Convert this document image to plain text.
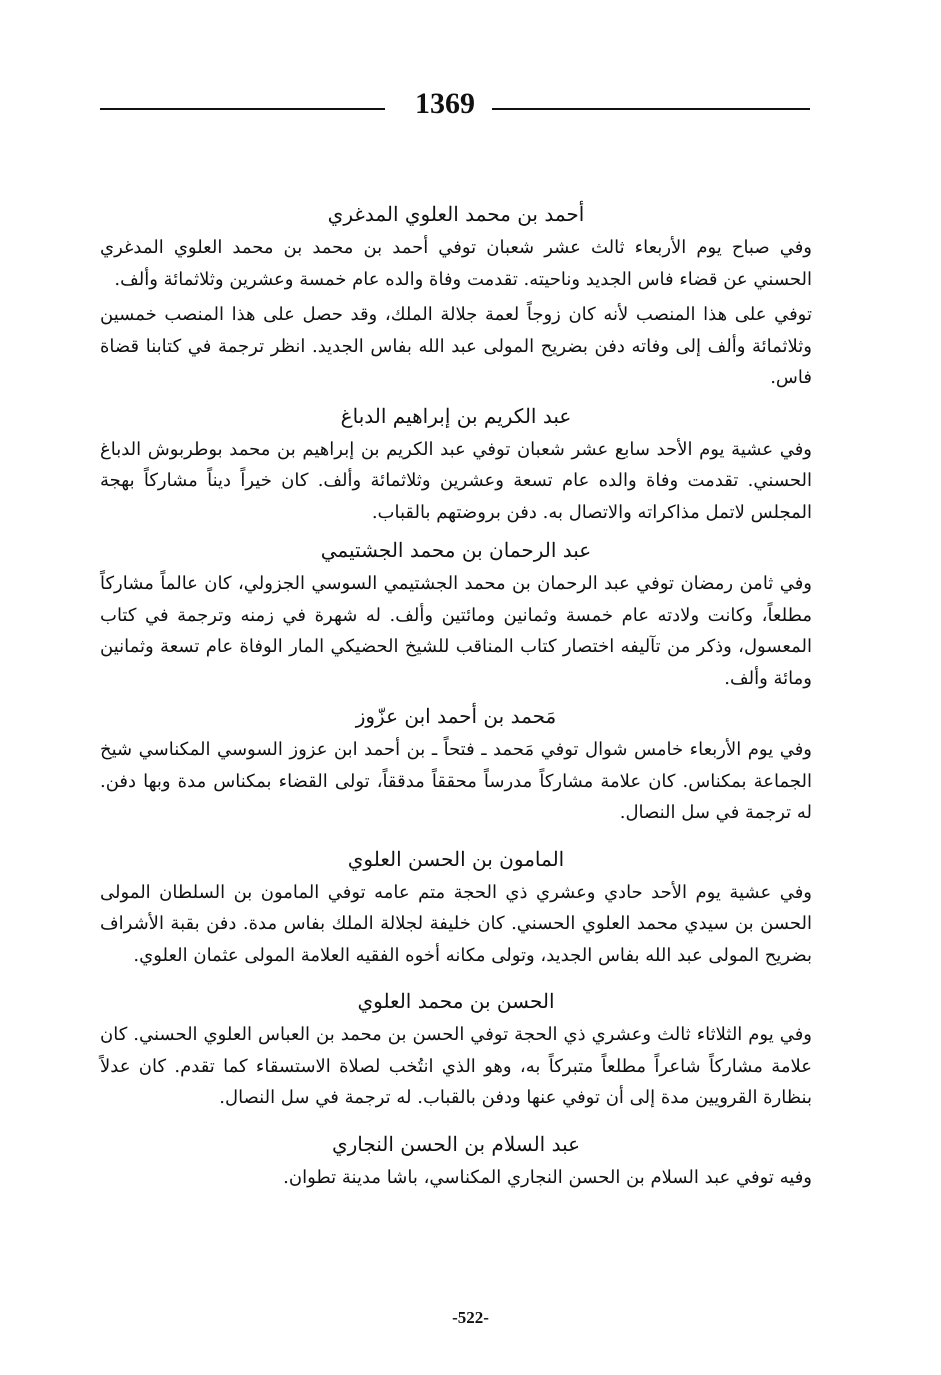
1369
أحمد بن محمد العلوي المدغري

وفي صباح يوم الأربعاء ثالث عشر شعبان توفي أحمد بن محمد بن محمد العلوي المدغري الحسني عن قضاء فاس الجديد وناحيته. تقدمت وفاة والده عام خمسة وعشرين وثلاثمائة وألف.

توفي على هذا المنصب لأنه كان زوجاً لعمة جلالة الملك، وقد حصل على هذا المنصب خمسين وثلاثمائة وألف إلى وفاته دفن بضريح المولى عبد الله بفاس الجديد. انظر ترجمة في كتابنا قضاة فاس.

عبد الكريم بن إبراهيم الدباغ

وفي عشية يوم الأحد سابع عشر شعبان توفي عبد الكريم بن إبراهيم بن محمد بوطربوش الدباغ الحسني. تقدمت وفاة والده عام تسعة وعشرين وثلاثمائة وألف. كان خيراً ديناً مشاركاً بهجة المجلس لاتمل مذاكراته والاتصال به. دفن بروضتهم بالقباب.

عبد الرحمان بن محمد الجشتيمي

وفي ثامن رمضان توفي عبد الرحمان بن محمد الجشتيمي السوسي الجزولي، كان عالماً مشاركاً مطلعاً، وكانت ولادته عام خمسة وثمانين ومائتين وألف. له شهرة في زمنه وترجمة في كتاب المعسول، وذكر من تآليفه اختصار كتاب المناقب للشيخ الحضيكي المار الوفاة عام تسعة وثمانين ومائة وألف.

مَحمد بن أحمد ابن عزّوز

وفي يوم الأربعاء خامس شوال توفي مَحمد ـ فتحاً ـ بن أحمد ابن عزوز السوسي المكناسي شيخ الجماعة بمكناس. كان علامة مشاركاً مدرساً محققاً مدققاً، تولى القضاء بمكناس مدة وبها دفن. له ترجمة في سل النصال.

المامون بن الحسن العلوي

وفي عشية يوم الأحد حادي وعشري ذي الحجة متم عامه توفي المامون بن السلطان المولى الحسن بن سيدي محمد العلوي الحسني. كان خليفة لجلالة الملك بفاس مدة. دفن بقبة الأشراف بضريح المولى عبد الله بفاس الجديد، وتولى مكانه أخوه الفقيه العلامة المولى عثمان العلوي.

الحسن بن محمد العلوي

وفي يوم الثلاثاء ثالث وعشري ذي الحجة توفي الحسن بن محمد بن العباس العلوي الحسني. كان علامة مشاركاً شاعراً مطلعاً متبركاً به، وهو الذي انتُخب لصلاة الاستسقاء كما تقدم. كان عدلاً بنظارة القرويين مدة إلى أن توفي عنها ودفن بالقباب. له ترجمة في سل النصال.

عبد السلام بن الحسن النجاري

وفيه توفي عبد السلام بن الحسن النجاري المكناسي، باشا مدينة تطوان.

-522-
